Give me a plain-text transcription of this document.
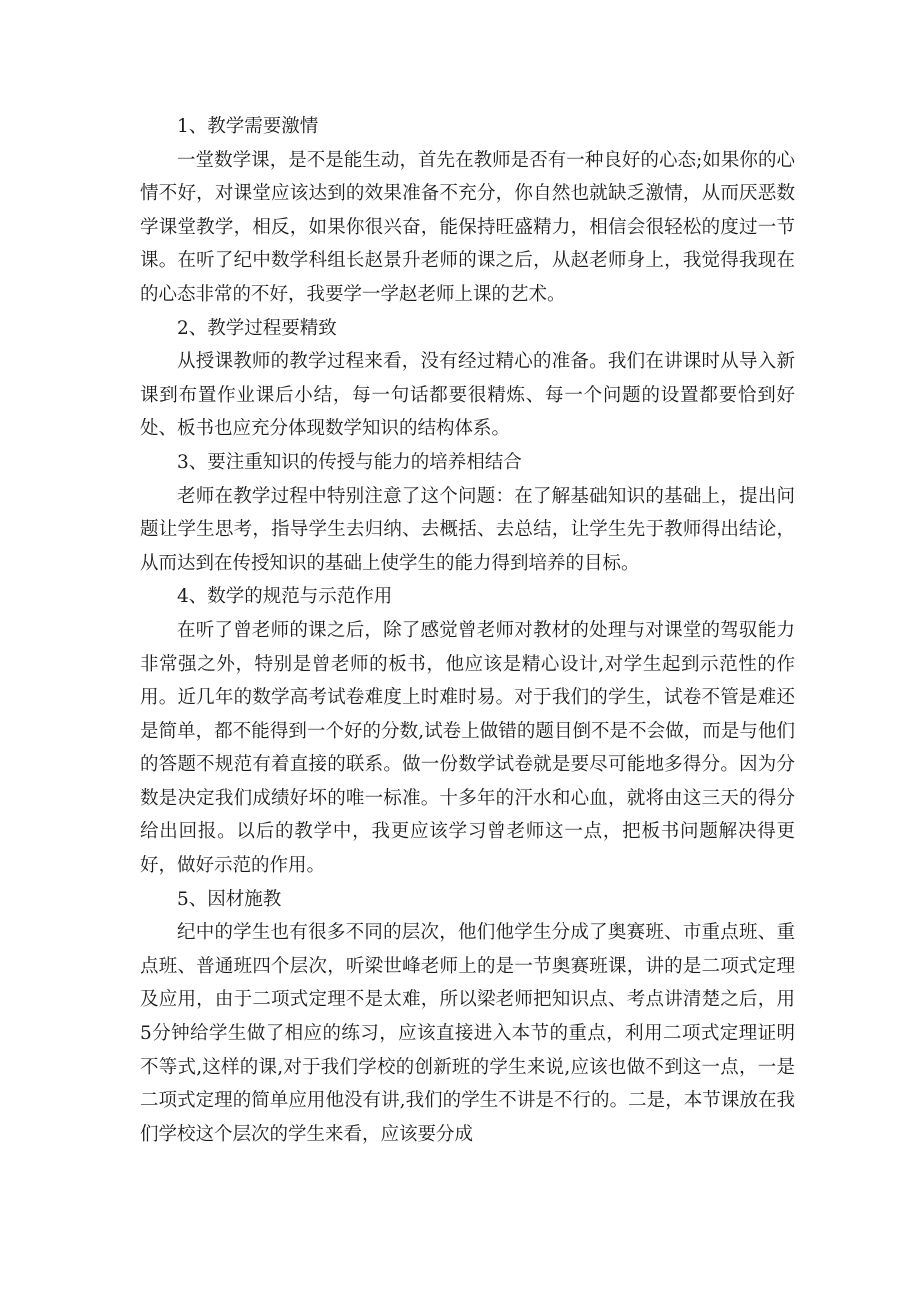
1、教学需要激情

一堂数学课，是不是能生动，首先在教师是否有一种良好的心态;如果你的心情不好，对课堂应该达到的效果准备不充分，你自然也就缺乏激情，从而厌恶数学课堂教学，相反，如果你很兴奋，能保持旺盛精力，相信会很轻松的度过一节课。在听了纪中数学科组长赵景升老师的课之后，从赵老师身上，我觉得我现在的心态非常的不好，我要学一学赵老师上课的艺术。

2、教学过程要精致

从授课教师的教学过程来看，没有经过精心的准备。我们在讲课时从导入新课到布置作业课后小结，每一句话都要很精炼、每一个问题的设置都要恰到好处、板书也应充分体现数学知识的结构体系。

3、要注重知识的传授与能力的培养相结合

老师在教学过程中特别注意了这个问题：在了解基础知识的基础上，提出问题让学生思考，指导学生去归纳、去概括、去总结，让学生先于教师得出结论，从而达到在传授知识的基础上使学生的能力得到培养的目标。

4、数学的规范与示范作用

在听了曾老师的课之后，除了感觉曾老师对教材的处理与对课堂的驾驭能力非常强之外，特别是曾老师的板书，他应该是精心设计,对学生起到示范性的作用。近几年的数学高考试卷难度上时难时易。对于我们的学生，试卷不管是难还是简单，都不能得到一个好的分数,试卷上做错的题目倒不是不会做，而是与他们的答题不规范有着直接的联系。做一份数学试卷就是要尽可能地多得分。因为分数是决定我们成绩好坏的唯一标准。十多年的汗水和心血，就将由这三天的得分给出回报。以后的教学中，我更应该学习曾老师这一点，把板书问题解决得更好，做好示范的作用。

5、因材施教

纪中的学生也有很多不同的层次，他们他学生分成了奥赛班、市重点班、重点班、普通班四个层次，听梁世峰老师上的是一节奥赛班课，讲的是二项式定理及应用，由于二项式定理不是太难，所以梁老师把知识点、考点讲清楚之后，用5分钟给学生做了相应的练习，应该直接进入本节的重点，利用二项式定理证明不等式,这样的课,对于我们学校的创新班的学生来说,应该也做不到这一点，一是二项式定理的简单应用他没有讲,我们的学生不讲是不行的。二是，本节课放在我们学校这个层次的学生来看，应该要分成
